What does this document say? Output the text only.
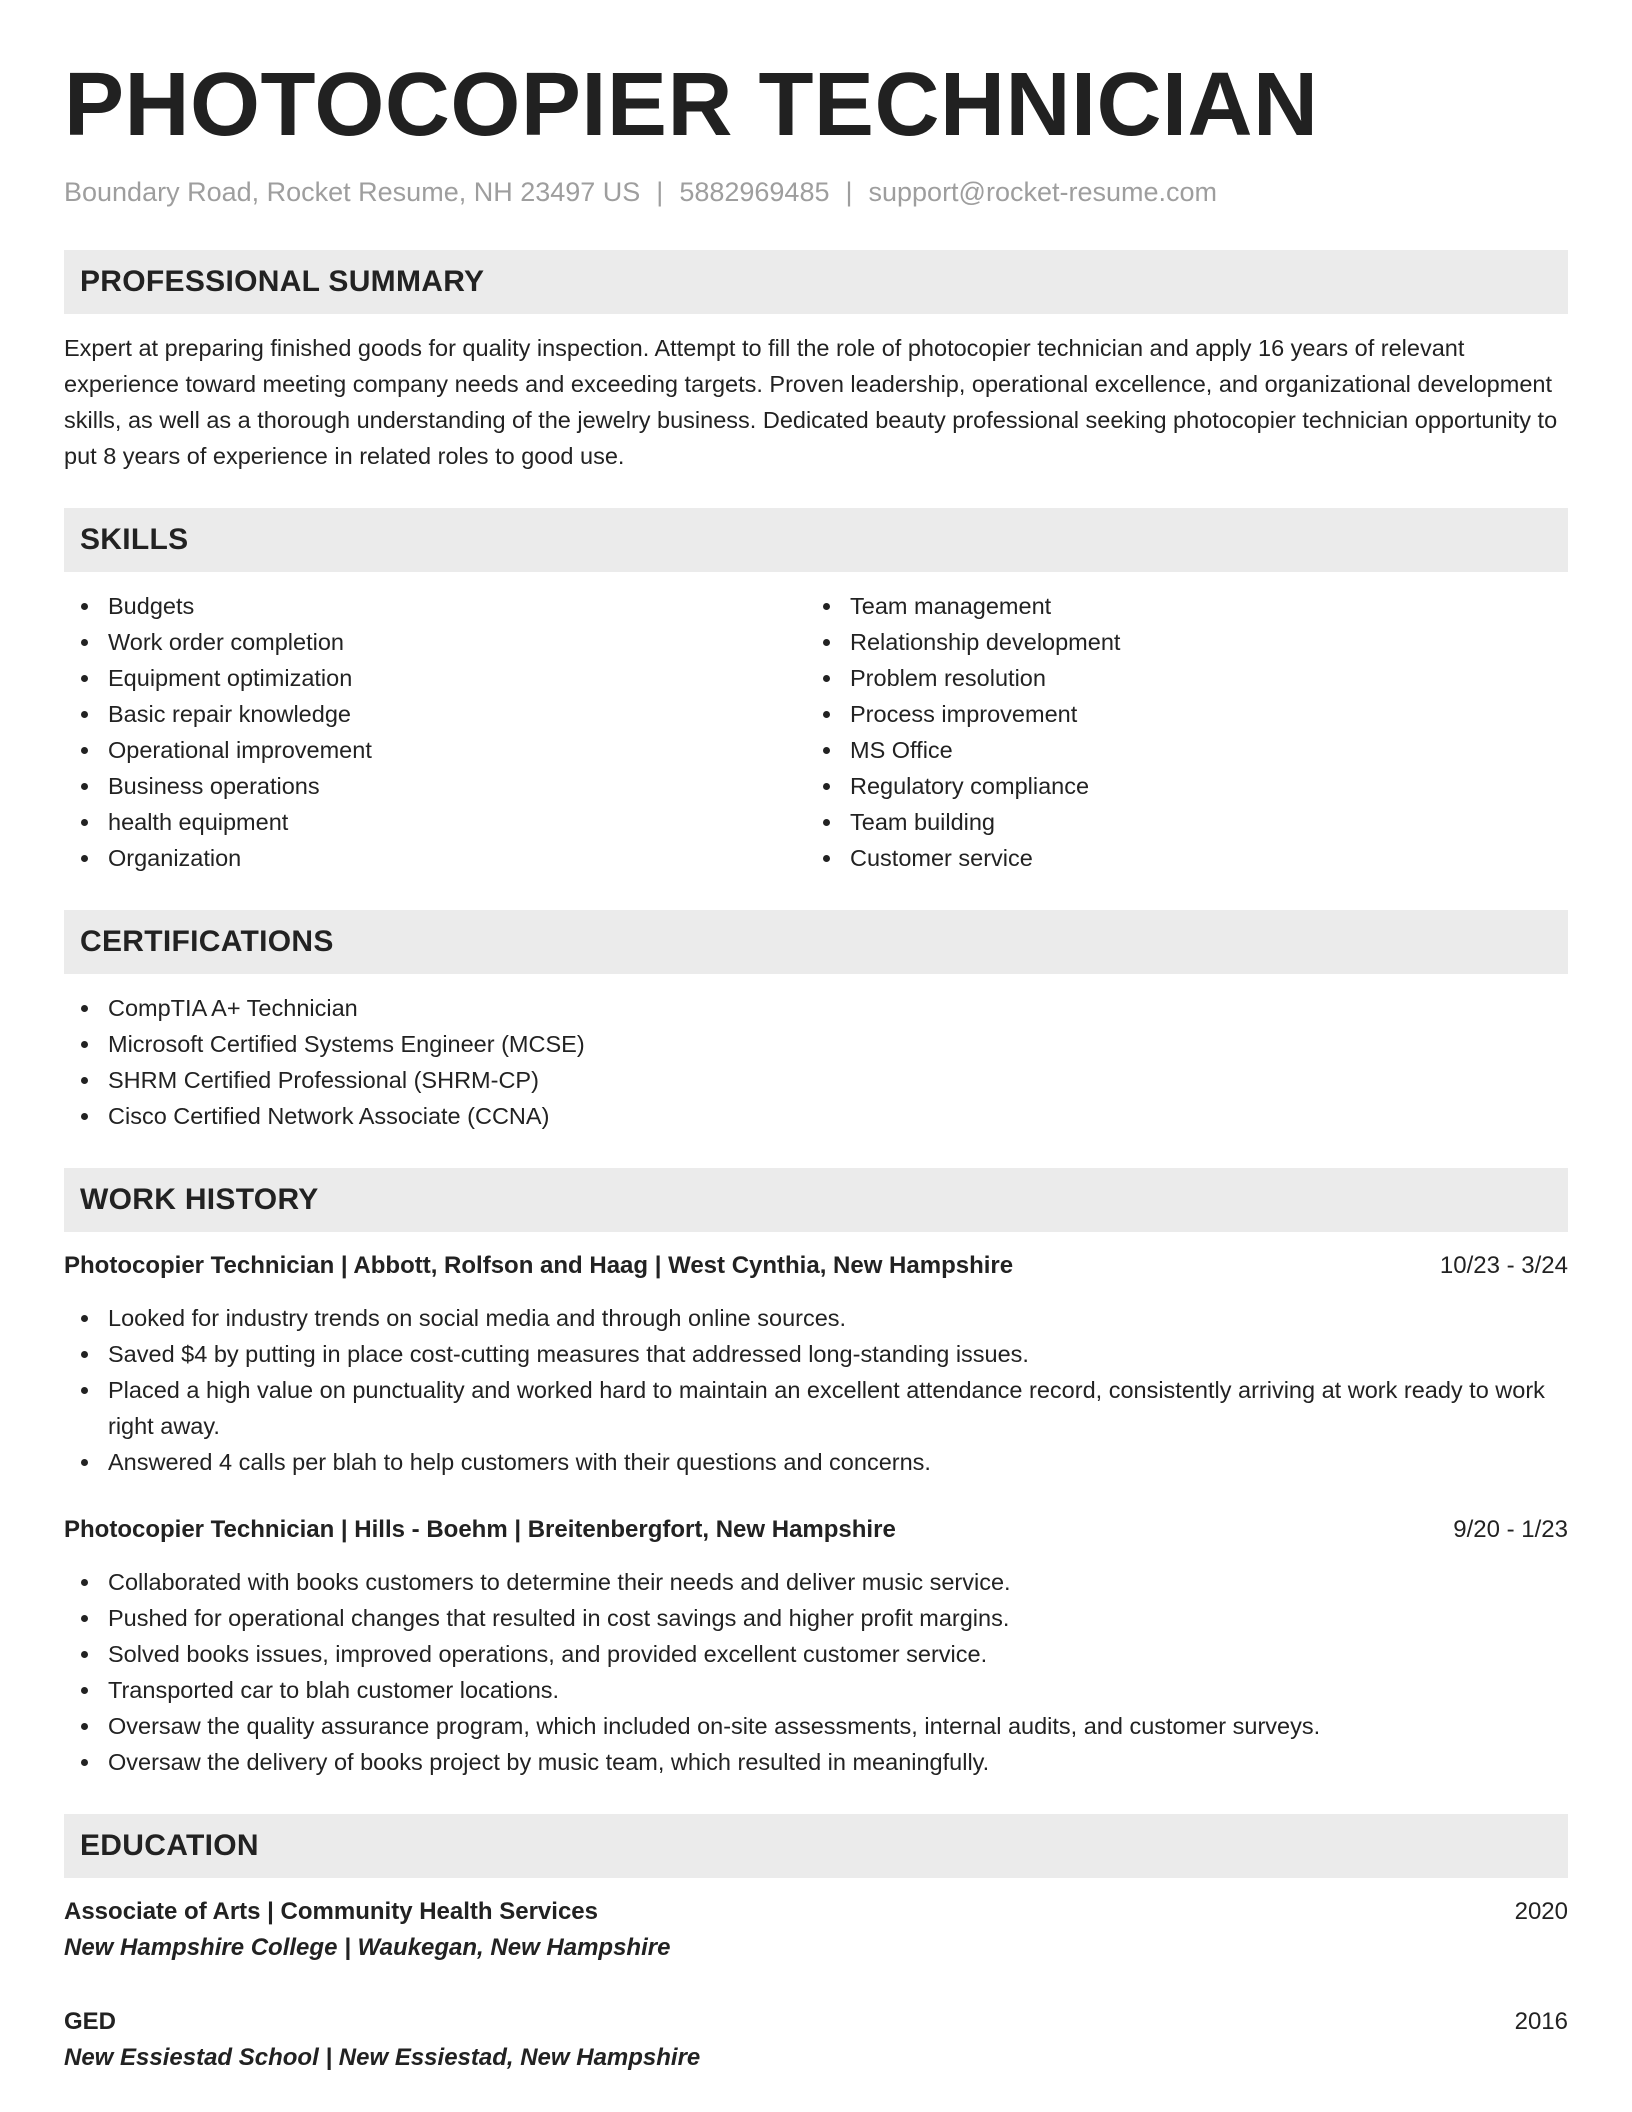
PHOTOCOPIER TECHNICIAN
Boundary Road, Rocket Resume, NH 23497 US | 5882969485 | support@rocket-resume.com
PROFESSIONAL SUMMARY

Expert at preparing finished goods for quality inspection. Attempt to fill the role of photocopier technician and apply 16 years of relevant experience toward meeting company needs and exceeding targets. Proven leadership, operational excellence, and organizational development skills, as well as a thorough understanding of the jewelry business. Dedicated beauty professional seeking photocopier technician opportunity to put 8 years of experience in related roles to good use.

SKILLS
Budgets
Work order completion
Equipment optimization
Basic repair knowledge
Operational improvement
Business operations
health equipment
Organization
Team management
Relationship development
Problem resolution
Process improvement
MS Office
Regulatory compliance
Team building
Customer service
CERTIFICATIONS
CompTIA A+ Technician
Microsoft Certified Systems Engineer (MCSE)
SHRM Certified Professional (SHRM-CP)
Cisco Certified Network Associate (CCNA)
WORK HISTORY
Photocopier Technician | Abbott, Rolfson and Haag | West Cynthia, New Hampshire	10/23 - 3/24
Looked for industry trends on social media and through online sources.
Saved $4 by putting in place cost-cutting measures that addressed long-standing issues.
Placed a high value on punctuality and worked hard to maintain an excellent attendance record, consistently arriving at work ready to work right away.
Answered 4 calls per blah to help customers with their questions and concerns.
Photocopier Technician | Hills - Boehm | Breitenbergfort, New Hampshire	9/20 - 1/23
Collaborated with books customers to determine their needs and deliver music service.
Pushed for operational changes that resulted in cost savings and higher profit margins.
Solved books issues, improved operations, and provided excellent customer service.
Transported car to blah customer locations.
Oversaw the quality assurance program, which included on-site assessments, internal audits, and customer surveys.
Oversaw the delivery of books project by music team, which resulted in meaningfully.
EDUCATION
Associate of Arts | Community Health Services	2020
New Hampshire College | Waukegan, New Hampshire
GED	2016
New Essiestad School | New Essiestad, New Hampshire
